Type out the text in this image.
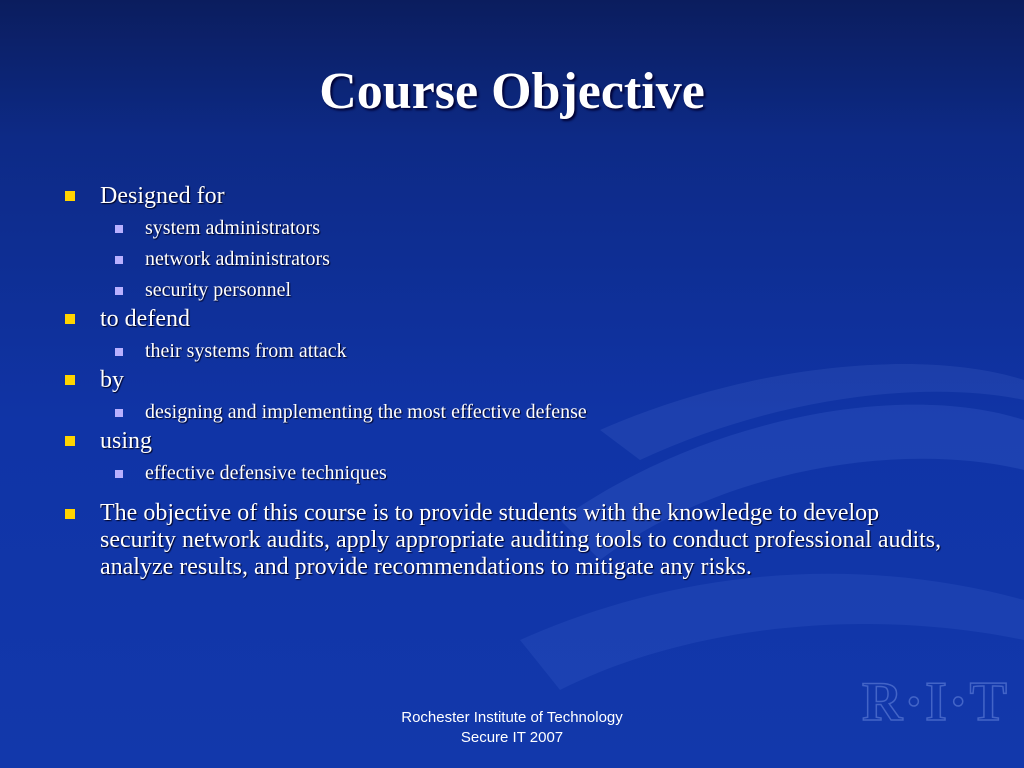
Course Objective

Designed for

system administrators

network administrators

security personnel

to defend

their systems from attack

by

designing and implementing the most effective defense

using

effective defensive techniques

The objective of this course is to provide students with the knowledge to develop security network audits, apply appropriate auditing tools to conduct professional audits, analyze results, and provide recommendations to mitigate any risks.

R·I·T
Rochester Institute of Technology
Secure IT 2007
